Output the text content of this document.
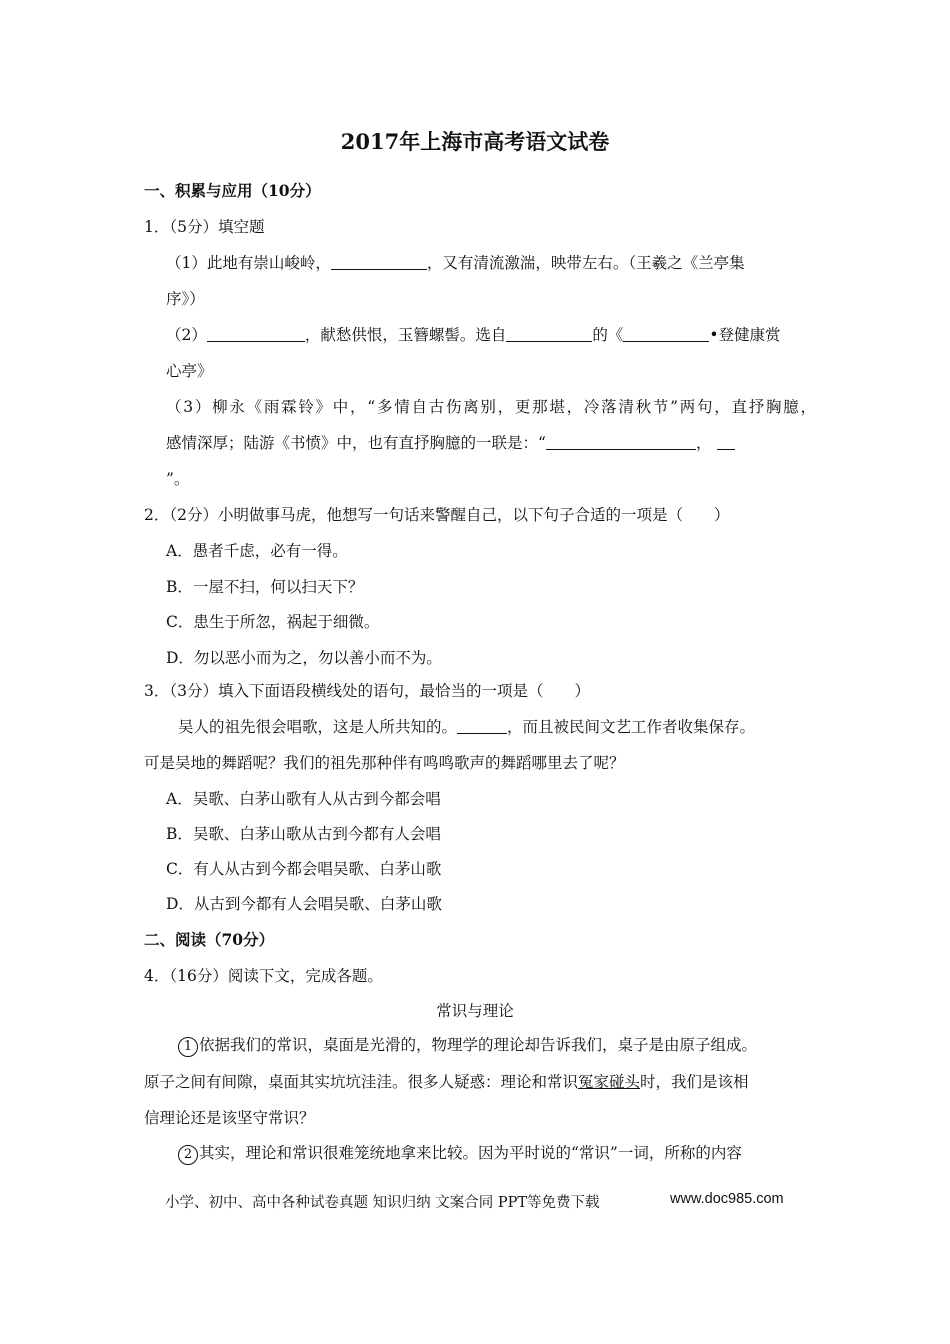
2017年上海市高考语文试卷
一、积累与应用（10分）
1．（5分）填空题
（1）此地有崇山峻岭，	，又有清流激湍，映带左右。（王羲之《兰亭集
序》）
（2）	，献愁供恨，玉簪螺髻。选自	的《	•登健康赏
心亭》
（3）柳永《雨霖铃》中，“多情自古伤离别，更那堪，冷落清秋节”两句，直抒胸臆，
感情深厚；陆游《书愤》中，也有直抒胸臆的一联是：“	，
”。
2．（2分）小明做事马虎，他想写一句话来警醒自己，以下句子合适的一项是（　　）
A．愚者千虑，必有一得。
B．一屋不扫，何以扫天下？
C．患生于所忽，祸起于细微。
D．勿以恶小而为之，勿以善小而不为。
3．（3分）填入下面语段横线处的语句，最恰当的一项是（　　）
吴人的祖先很会唱歌，这是人所共知的。	，而且被民间文艺工作者收集保存。
可是吴地的舞蹈呢？我们的祖先那种伴有鸣鸣歌声的舞蹈哪里去了呢？
A．吴歌、白茅山歌有人从古到今都会唱
B．吴歌、白茅山歌从古到今都有人会唱
C．有人从古到今都会唱吴歌、白茅山歌
D．从古到今都有人会唱吴歌、白茅山歌
二、阅读（70分）
4．（16分）阅读下文，完成各题。
常识与理论
1 依据我们的常识，桌面是光滑的，物理学的理论却告诉我们，桌子是由原子组成。
原子之间有间隙，桌面其实坑坑洼洼。很多人疑惑：理论和常识冤家碰头时，我们是该相
信理论还是该坚守常识？
2 其实，理论和常识很难笼统地拿来比较。因为平时说的“常识”一词，所称的内容
小学、初中、高中各种试卷真题 知识归纳 文案合同 PPT等免费下载	www.doc985.com
